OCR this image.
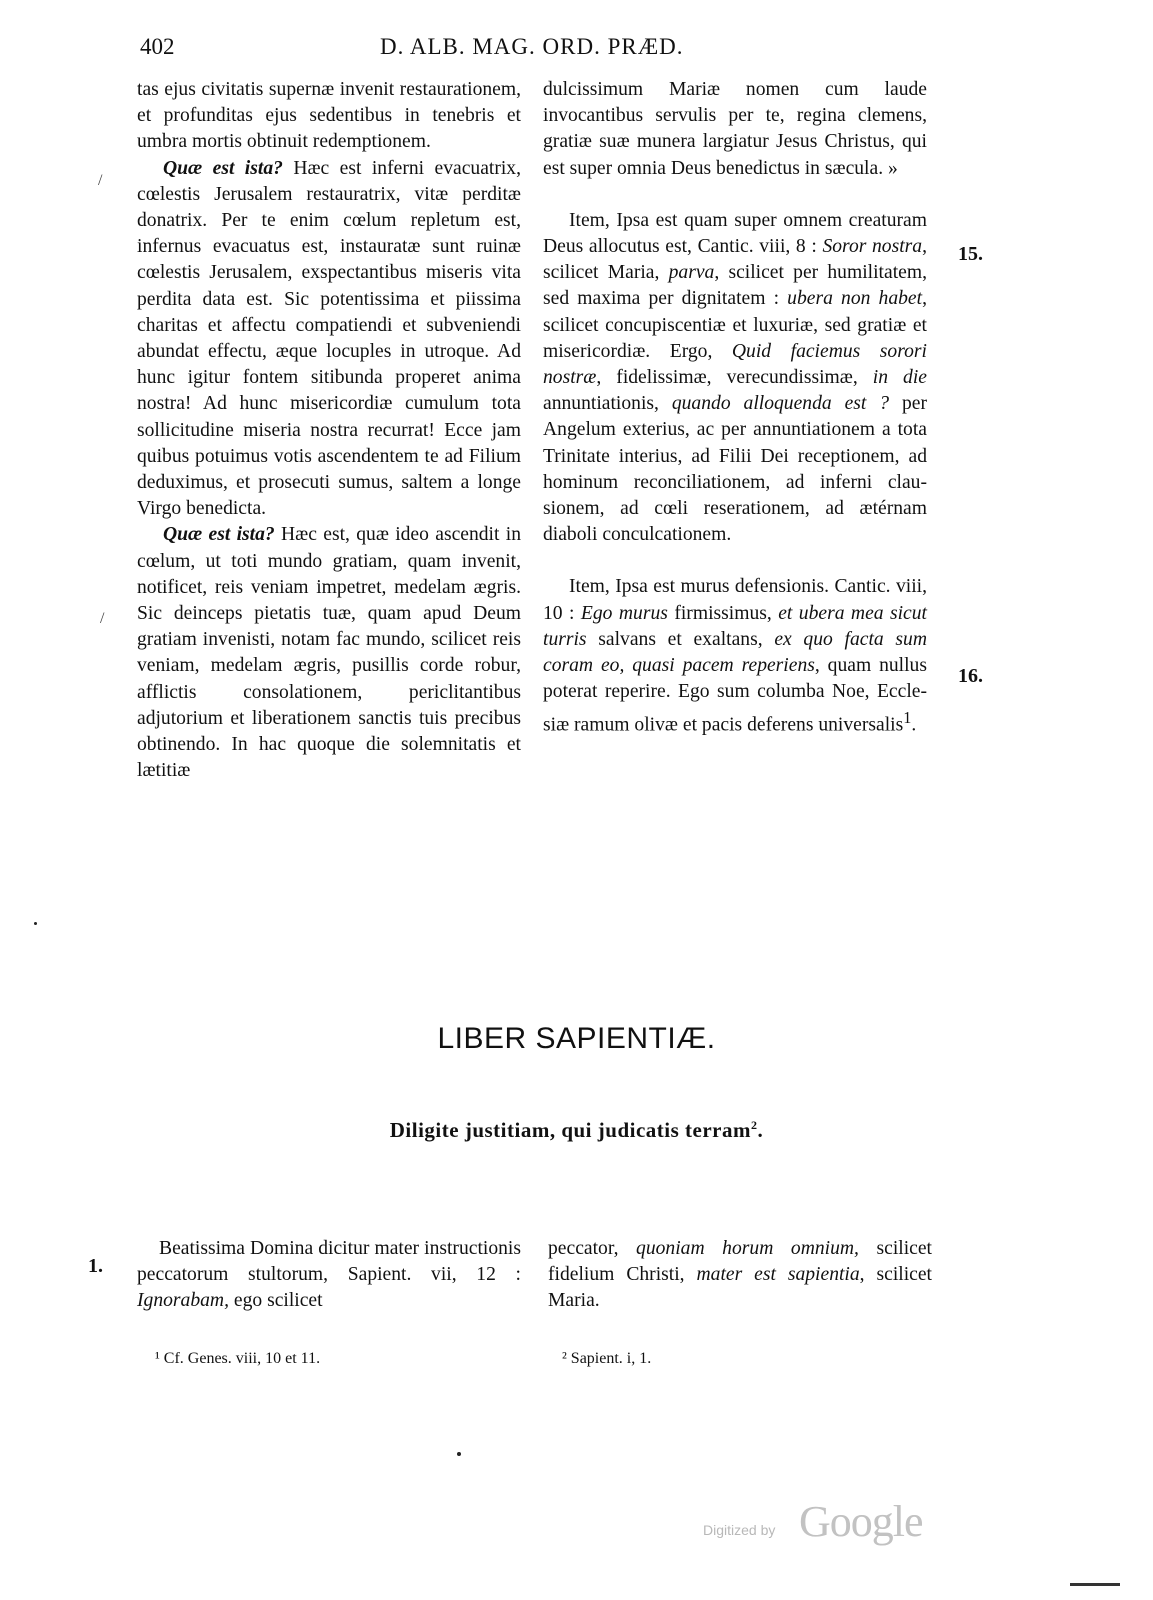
402	D. ALB. MAG. ORD. PRÆD.

tas ejus civitatis supernæ invenit restaurationem, et profunditas ejus sedentibus in tenebris et umbra mortis obtinuit redemptionem.

Quæ est ista? Hæc est inferni evacuatrix, cœlestis Jerusalem restauratrix, vitæ perditæ donatrix. Per te enim cœlum repletum est, infernus evacuatus est, instauratæ sunt ruinæ cœlestis Jerusalem, exspectantibus miseris vita perdita data est. Sic potentissima et piissima charitas et affectu compatiendi et subveniendi abundat effectu, æque locuples in utroque. Ad hunc igitur fontem sitibunda properet anima nostra! Ad hunc misericordiæ cumulum tota sollicitudine miseria nostra recurrat! Ecce jam quibus potuimus votis ascendentem te ad Filium deduximus, et prosecuti sumus, saltem a longe Virgo benedicta.

Quæ est ista? Hæc est, quæ ideo ascendit in cœlum, ut toti mundo gratiam, quam invenit, notificet, reis veniam impetret, medelam ægris. Sic deinceps pietatis tuæ, quam apud Deum gratiam invenisti, notam fac mundo, scilicet reis veniam, medelam ægris, pusillis corde robur, afflictis consolationem, periclitantibus adjutorium et liberationem sanctis tuis precibus obtinendo. In hac quoque die solemnitatis et lætitiæ

dulcissimum Mariæ nomen cum laude invocantibus servulis per te, regina clemens, gratiæ suæ munera largiatur Jesus Christus, qui est super omnia Deus benedictus in sæcula. »

Item, Ipsa est quam super omnem creaturam Deus allocutus est, Cantic. viii, 8 : Soror nostra, scilicet Maria, parva, scilicet per humilitatem, sed maxima per dignitatem : ubera non habet, scilicet concupiscentiæ et luxuriæ, sed gratiæ et misericordiæ. Ergo, Quid faciemus sorori nostræ, fidelissimæ, verecundissimæ, in die annuntiationis, quando alloquenda est ? per Angelum exterius, ac per annuntiationem a tota Trinitate interius, ad Filii Dei receptionem, ad hominum reconciliationem, ad inferni clausionem, ad cœli reserationem, ad ætérnam diaboli conculcationem.

Item, Ipsa est murus defensionis. Cantic. viii, 10 : Ego murus firmissimus, et ubera mea sicut turris salvans et exaltans, ex quo facta sum coram eo, quasi pacem reperiens, quam nullus poterat reperire. Ego sum columba Noe, Ecclesiæ ramum olivæ et pacis deferens universalis$^1$.

15.
16.
1.
LIBER SAPIENTIÆ.
Diligite justitiam, qui judicatis terram$^2$.

Beatissima Domina dicitur mater instructionis peccatorum stultorum, Sapient. vii, 12 : Ignorabam, ego scilicet

peccator, quoniam horum omnium, scilicet fidelium Christi, mater est sapientia, scilicet Maria.

¹ Cf. Genes. viii, 10 et 11.	² Sapient. i, 1.
/
/
Digitized by Google
